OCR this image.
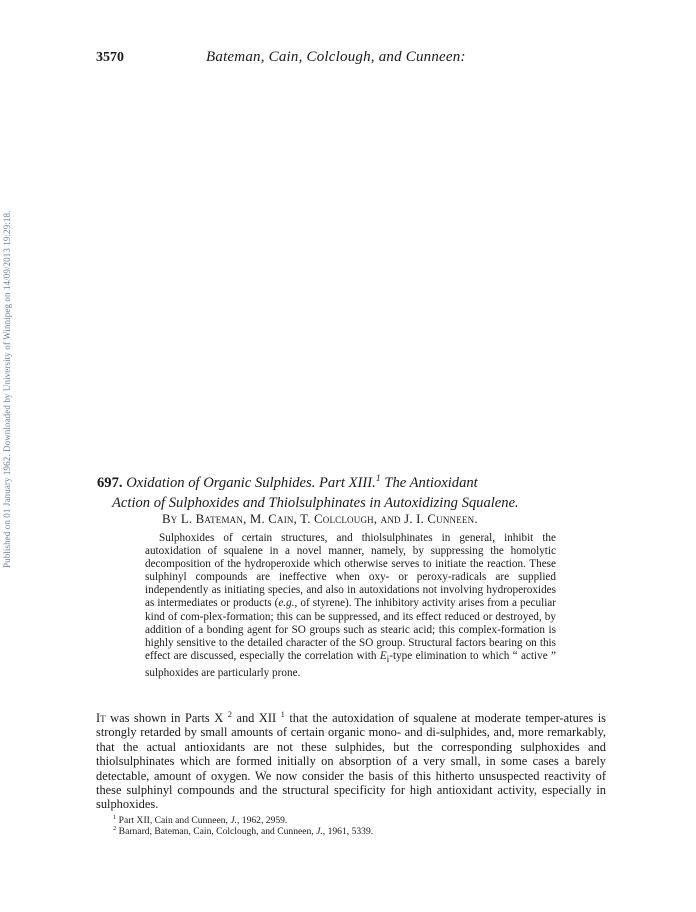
Published on 01 January 1962. Downloaded by University of Winnipeg on 14/09/2013 19:29:18.
3570	Bateman, Cain, Colclough, and Cunneen:
697. Oxidation of Organic Sulphides. Part XIII.$^1$ The Antioxidant
Action of Sulphoxides and Thiolsulphinates in Autoxidizing Squalene.
By L. Bateman, M. Cain, T. Colclough, and J. I. Cunneen.
Sulphoxides of certain structures, and thiolsulphinates in general, inhibit the autoxidation of squalene in a novel manner, namely, by suppressing the homolytic decomposition of the hydroperoxide which otherwise serves to initiate the reaction. These sulphinyl compounds are ineffective when oxy- or peroxy-radicals are supplied independently as initiating species, and also in autoxidations not involving hydroperoxides as intermediates or products (e.g., of styrene). The inhibitory activity arises from a peculiar kind of com-plex-formation; this can be suppressed, and its effect reduced or destroyed, by addition of a bonding agent for SO groups such as stearic acid; this complex-formation is highly sensitive to the detailed character of the SO group. Structural factors bearing on this effect are discussed, especially the correlation with $E_i$-type elimination to which “ active ” sulphoxides are particularly prone.
It was shown in Parts X $^2$ and XII $^1$ that the autoxidation of squalene at moderate temper-atures is strongly retarded by small amounts of certain organic mono- and di-sulphides, and, more remarkably, that the actual antioxidants are not these sulphides, but the corresponding sulphoxides and thiolsulphinates which are formed initially on absorption of a very small, in some cases a barely detectable, amount of oxygen. We now consider the basis of this hitherto unsuspected reactivity of these sulphinyl compounds and the structural specificity for high antioxidant activity, especially in sulphoxides.
$^1$ Part XII, Cain and Cunneen, J., 1962, 2959.
$^2$ Barnard, Bateman, Cain, Colclough, and Cunneen, J., 1961, 5339.
